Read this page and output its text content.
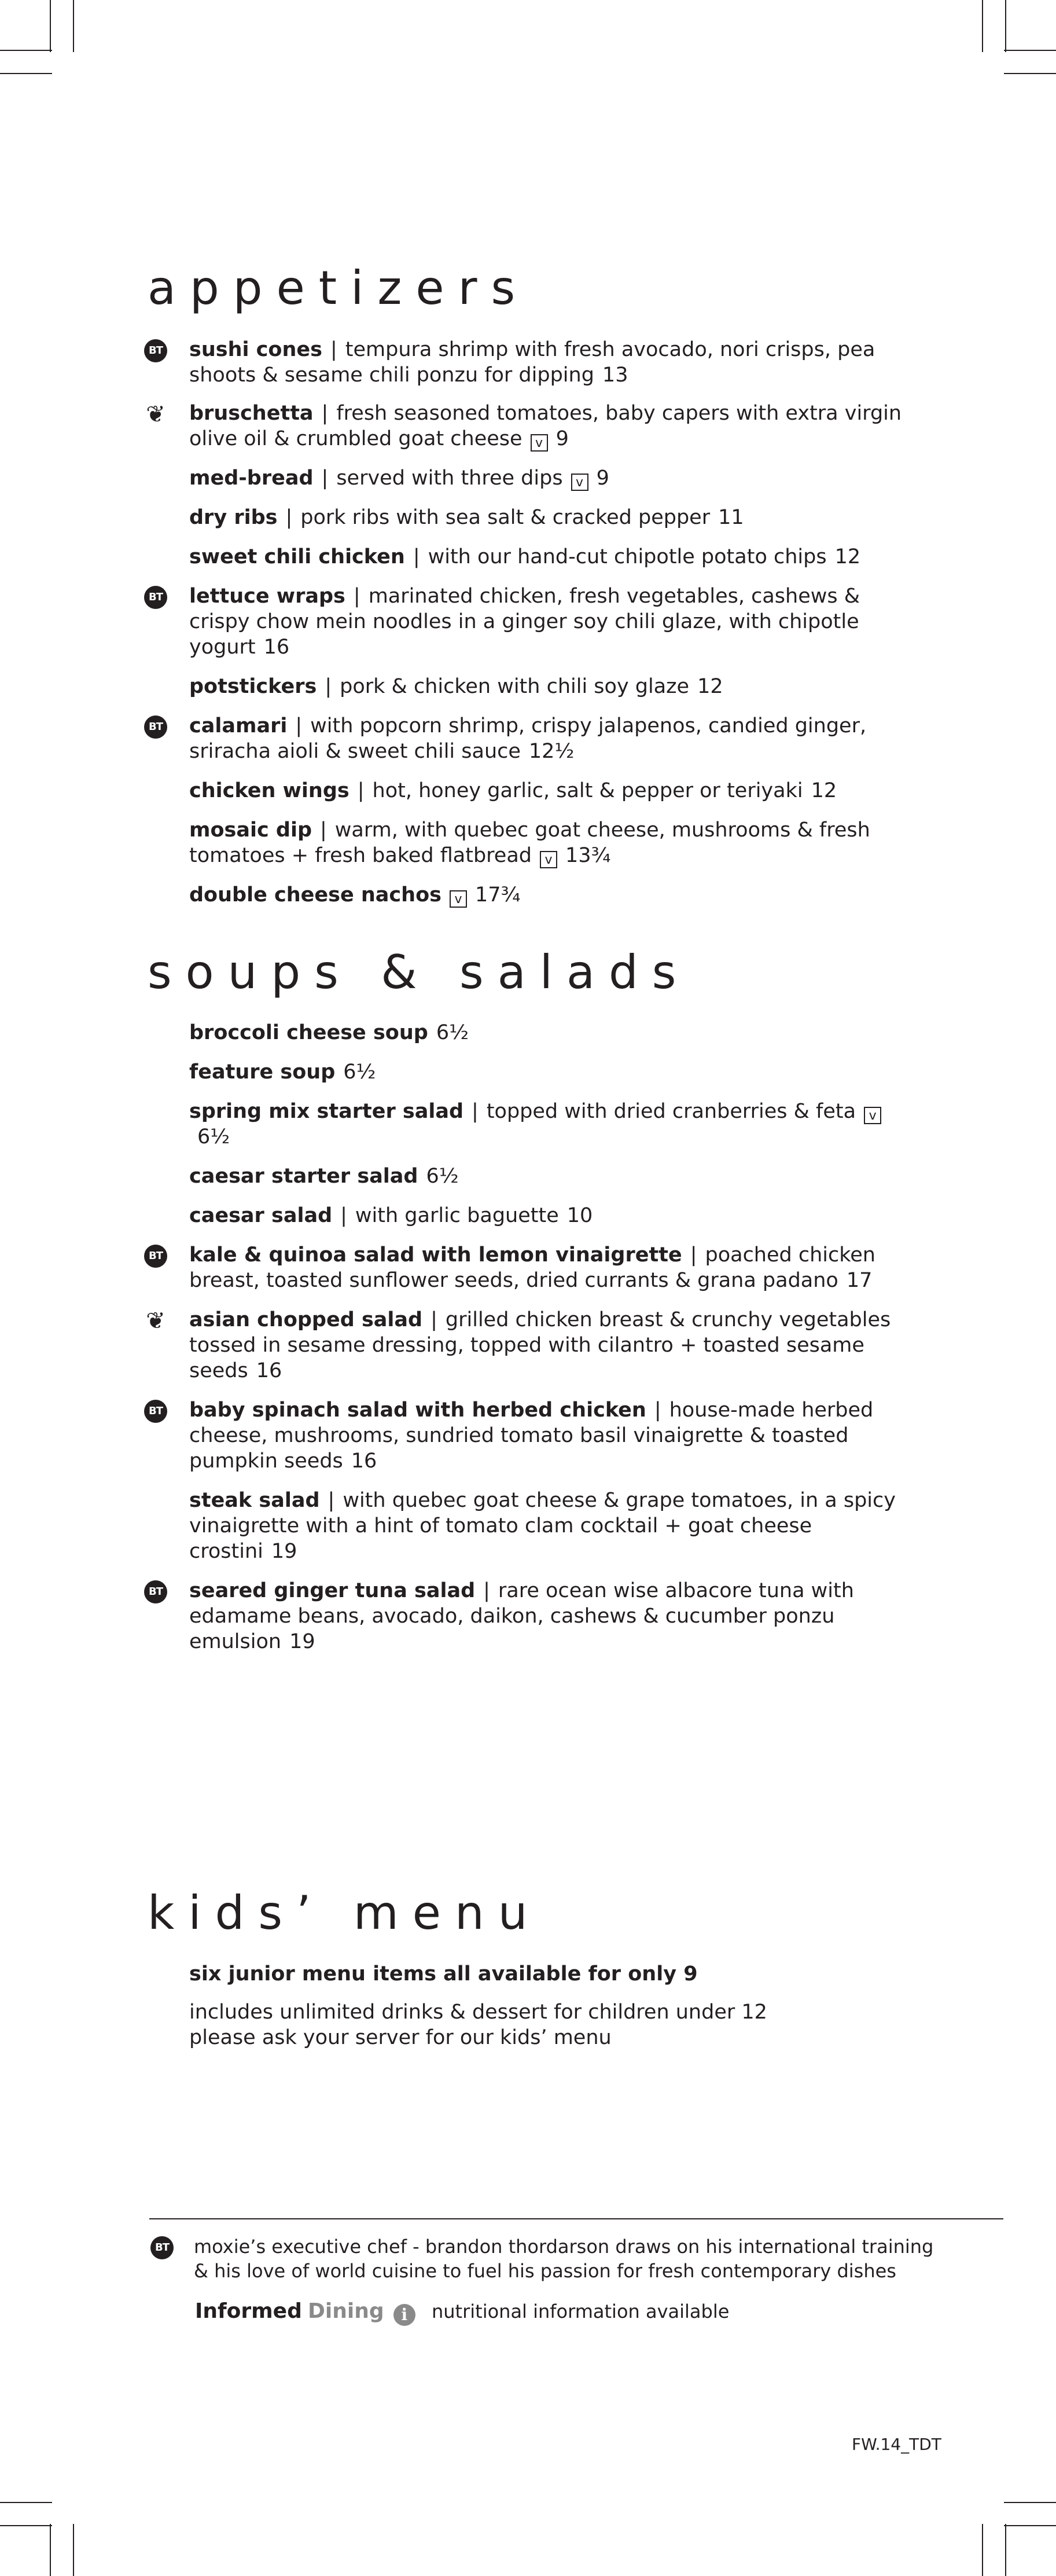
appetizers
BT sushi cones | tempura shrimp with fresh avocado, nori crisps, pea shoots & sesame chili ponzu for dipping 13
❦ bruschetta | fresh seasoned tomatoes, baby capers with extra virgin olive oil & crumbled goat cheese v 9
med-bread | served with three dips v 9
dry ribs | pork ribs with sea salt & cracked pepper 11
sweet chili chicken | with our hand-cut chipotle potato chips 12
BT lettuce wraps | marinated chicken, fresh vegetables, cashews & crispy chow mein noodles in a ginger soy chili glaze, with chipotle yogurt 16
potstickers | pork & chicken with chili soy glaze 12
BT calamari | with popcorn shrimp, crispy jalapenos, candied ginger, sriracha aioli & sweet chili sauce 12½
chicken wings | hot, honey garlic, salt & pepper or teriyaki 12
mosaic dip | warm, with quebec goat cheese, mushrooms & fresh tomatoes + fresh baked flatbread v 13¾
double cheese nachos v 17¾
soups & salads
broccoli cheese soup 6½
feature soup 6½
spring mix starter salad | topped with dried cranberries & feta v6½
caesar starter salad 6½
caesar salad | with garlic baguette 10
BT kale & quinoa salad with lemon vinaigrette | poached chicken breast, toasted sunflower seeds, dried currants & grana padano 17
❦ asian chopped salad | grilled chicken breast & crunchy vegetables tossed in sesame dressing, topped with cilantro + toasted sesame seeds 16
BT baby spinach salad with herbed chicken | house-made herbed cheese, mushrooms, sundried tomato basil vinaigrette & toasted pumpkin seeds 16
steak salad | with quebec goat cheese & grape tomatoes, in a spicy vinaigrette with a hint of tomato clam cocktail + goat cheese crostini 19
BT seared ginger tuna salad | rare ocean wise albacore tuna with edamame beans, avocado, daikon, cashews & cucumber ponzu emulsion 19
kids’ menu

six junior menu items all available for only 9

includes unlimited drinks & dessert for children under 12

please ask your server for our kids’ menu

BT moxie’s executive chef - brandon thordarson draws on his international training
& his love of world cuisine to fuel his passion for fresh contemporary dishes
Informed Dining i nutritional information available
FW.14_TDT
